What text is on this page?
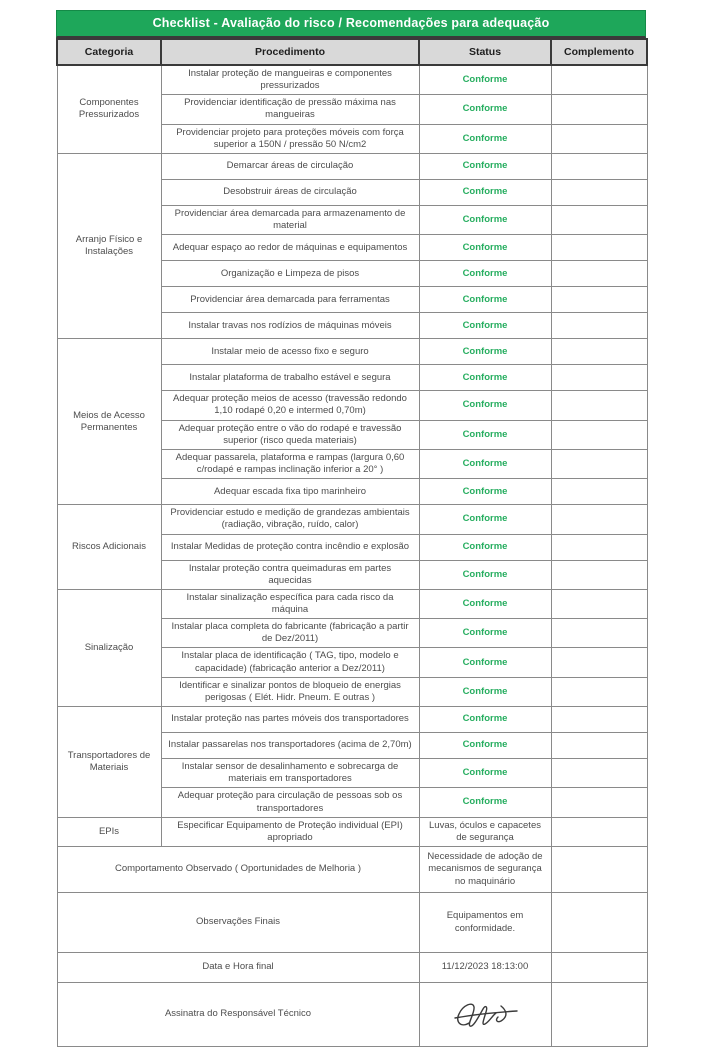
Checklist - Avaliação do risco / Recomendações para adequação
Categoria	Procedimento	Status	Complemento
Componentes Pressurizados	Instalar proteção de mangueiras e componentes pressurizados	Conforme	
	Providenciar identificação de pressão máxima nas mangueiras	Conforme	
	Providenciar projeto para proteções móveis com força superior a 150N / pressão 50 N/cm2	Conforme	
Arranjo Físico e Instalações	Demarcar áreas de circulação	Conforme	
	Desobstruir áreas de circulação	Conforme	
	Providenciar área demarcada para armazenamento de material	Conforme	
	Adequar espaço ao redor de máquinas e equipamentos	Conforme	
	Organização e Limpeza de pisos	Conforme	
	Providenciar área demarcada para ferramentas	Conforme	
	Instalar travas nos rodízios de máquinas móveis	Conforme	
Meios de Acesso Permanentes	Instalar meio de acesso fixo e seguro	Conforme	
	Instalar plataforma de trabalho estável e segura	Conforme	
	Adequar proteção meios de acesso (travessão redondo 1,10 rodapé 0,20 e intermed 0,70m)	Conforme	
	Adequar proteção entre o vão do rodapé e travessão superior (risco queda materiais)	Conforme	
	Adequar passarela, plataforma e rampas (largura 0,60 c/rodapé e rampas inclinação inferior a 20° )	Conforme	
	Adequar escada fixa tipo marinheiro	Conforme	
Riscos Adicionais	Providenciar estudo e medição de grandezas ambientais (radiação, vibração, ruído, calor)	Conforme	
	Instalar Medidas de proteção contra incêndio e explosão	Conforme	
	Instalar proteção contra queimaduras em partes aquecidas	Conforme	
Sinalização	Instalar sinalização específica para cada risco da máquina	Conforme	
	Instalar placa completa do fabricante (fabricação a partir de Dez/2011)	Conforme	
	Instalar placa de identificação ( TAG, tipo, modelo e capacidade) (fabricação anterior a Dez/2011)	Conforme	
	Identificar e sinalizar pontos de bloqueio de energias perigosas ( Elét. Hidr. Pneum. E outras )	Conforme	
Transportadores de Materiais	Instalar proteção nas partes móveis dos transportadores	Conforme	
	Instalar passarelas nos transportadores (acima de 2,70m)	Conforme	
	Instalar sensor de desalinhamento e sobrecarga de materiais em transportadores	Conforme	
	Adequar proteção para circulação de pessoas sob os transportadores	Conforme	
EPIs	Especificar Equipamento de Proteção individual (EPI) apropriado	Luvas, óculos e capacetes de segurança	
Comportamento Observado ( Oportunidades de Melhoria )		Necessidade de adoção de mecanismos de segurança no maquinário	
Observações Finais		Equipamentos em conformidade.	
Data e Hora final		11/12/2023 18:13:00	
Assinatra do Responsável Técnico	
